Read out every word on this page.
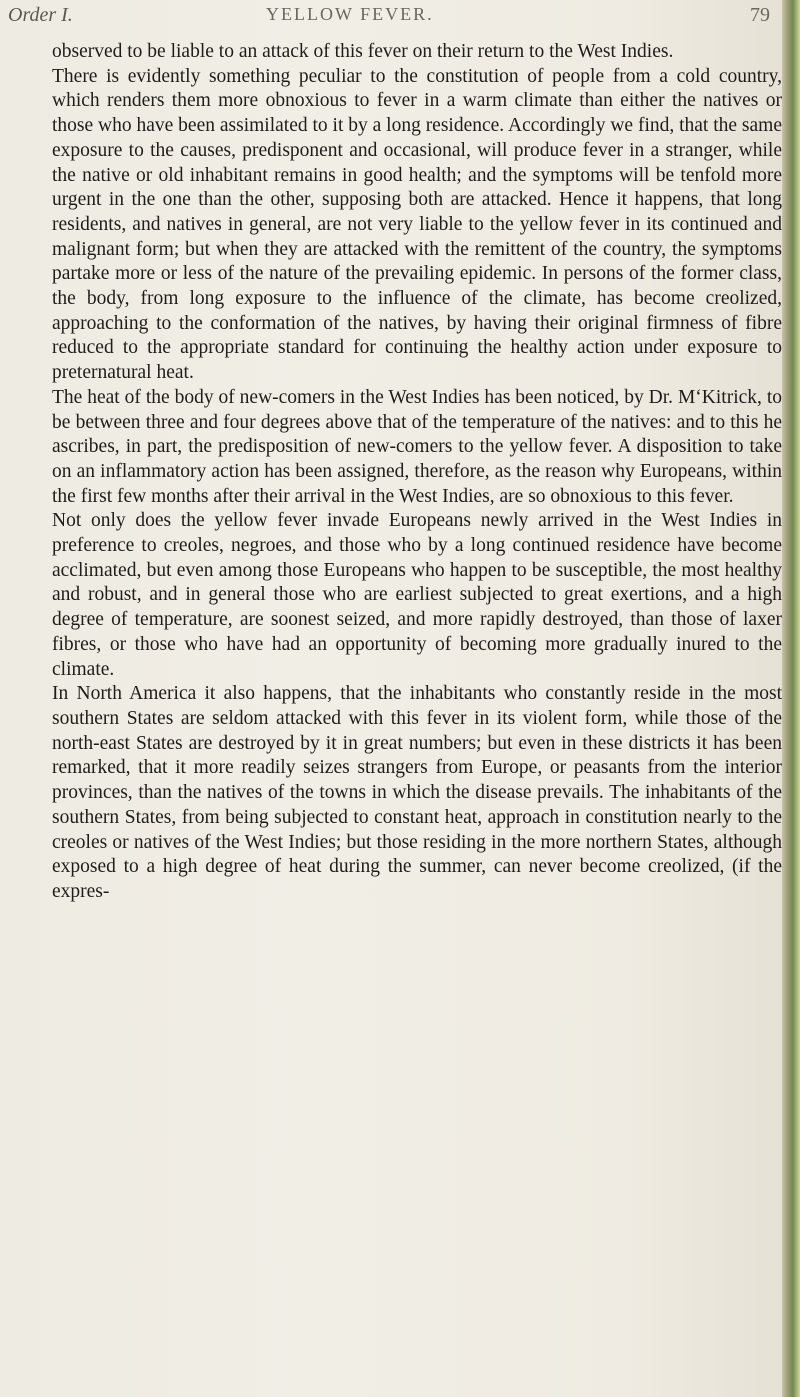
Order I.	YELLOW FEVER.	79

observed to be liable to an attack of this fever on their return to the West Indies.

There is evidently something peculiar to the constitution of people from a cold country, which renders them more obnoxious to fever in a warm climate than either the natives or those who have been assimilated to it by a long residence. Accordingly we find, that the same exposure to the causes, predisponent and occasional, will produce fever in a stranger, while the native or old inhabitant remains in good health; and the symptoms will be tenfold more urgent in the one than the other, supposing both are attacked. Hence it happens, that long residents, and natives in general, are not very liable to the yellow fever in its continued and malignant form; but when they are attacked with the remittent of the country, the symptoms partake more or less of the nature of the prevailing epidemic. In persons of the former class, the body, from long exposure to the influence of the climate, has become creolized, approaching to the conformation of the natives, by having their original firmness of fibre reduced to the appropriate standard for continuing the healthy action under exposure to preternatural heat.

The heat of the body of new-comers in the West Indies has been noticed, by Dr. M‘Kitrick, to be between three and four degrees above that of the temperature of the natives: and to this he ascribes, in part, the predisposition of new-comers to the yellow fever. A disposition to take on an inflammatory action has been assigned, therefore, as the reason why Europeans, within the first few months after their arrival in the West Indies, are so obnoxious to this fever.

Not only does the yellow fever invade Europeans newly arrived in the West Indies in preference to creoles, negroes, and those who by a long continued residence have become acclimated, but even among those Europeans who happen to be susceptible, the most healthy and robust, and in general those who are earliest subjected to great exertions, and a high degree of temperature, are soonest seized, and more rapidly destroyed, than those of laxer fibres, or those who have had an opportunity of becoming more gradually inured to the climate.

In North America it also happens, that the inhabitants who constantly reside in the most southern States are seldom attacked with this fever in its violent form, while those of the north-east States are destroyed by it in great numbers; but even in these districts it has been remarked, that it more readily seizes strangers from Europe, or peasants from the interior provinces, than the natives of the towns in which the disease prevails. The inhabitants of the southern States, from being subjected to constant heat, approach in constitution nearly to the creoles or natives of the West Indies; but those residing in the more northern States, although exposed to a high degree of heat during the summer, can never become creolized, (if the expres-
